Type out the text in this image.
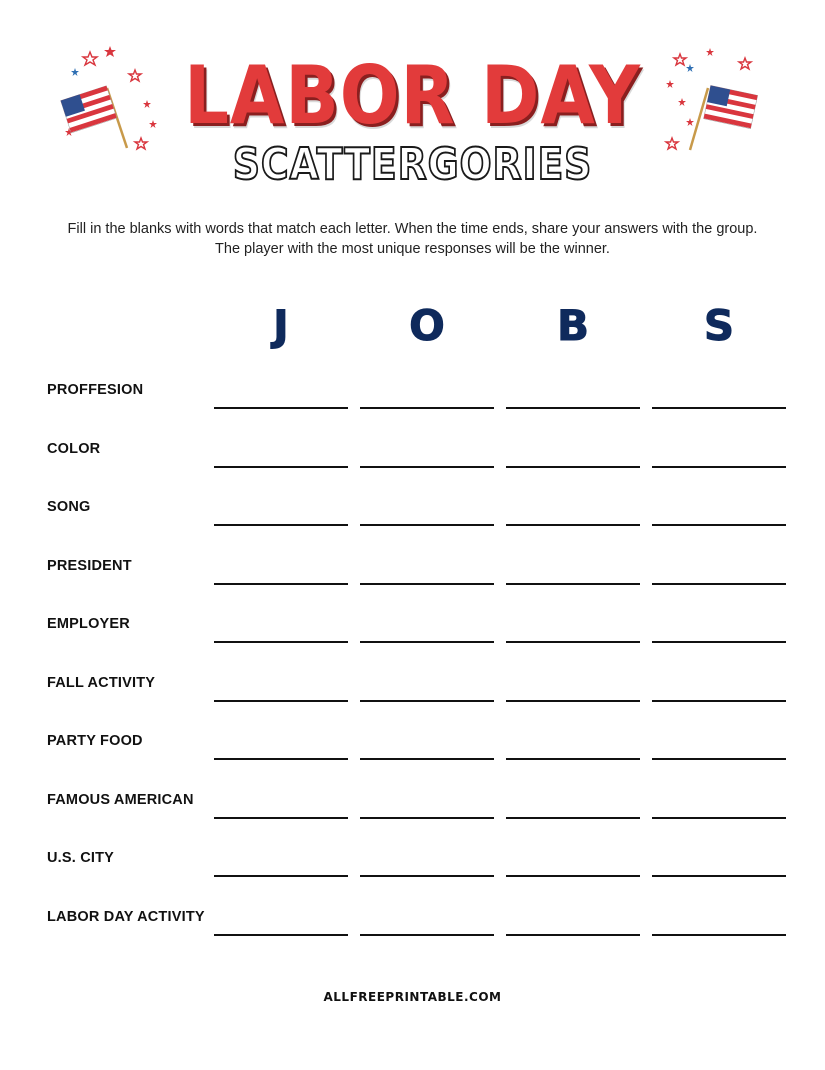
LABOR DAY
SCATTERGORIES

Fill in the blanks with words that match each letter. When the time ends, share your answers with the group.

The player with the most unique responses will be the winner.

J	O	B	S
PROFFESION
COLOR
SONG
PRESIDENT
EMPLOYER
FALL ACTIVITY
PARTY FOOD
FAMOUS AMERICAN
U.S. CITY
LABOR DAY ACTIVITY
ALLFREEPRINTABLE.COM
